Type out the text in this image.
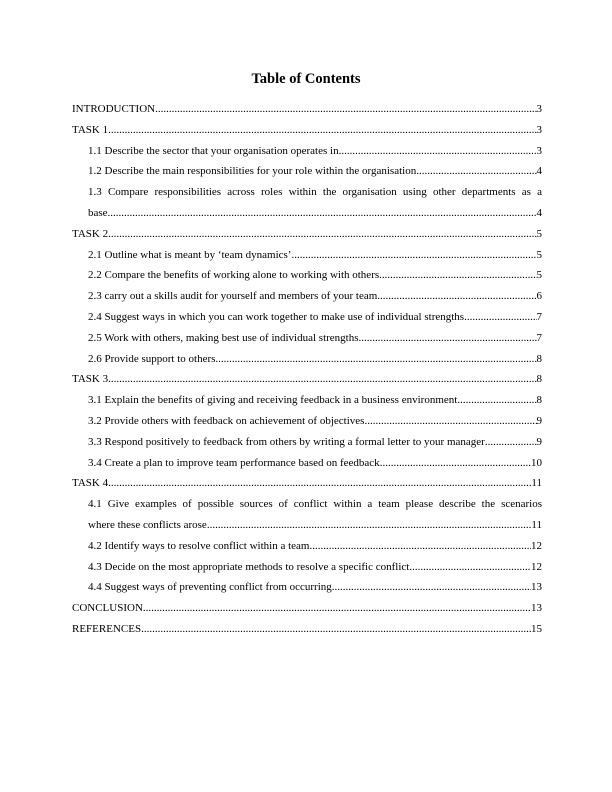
Table of Contents
INTRODUCTION .....	3
TASK 1 .....	3
1.1 Describe the sector that your organisation operates in .....	3
1.2 Describe the main responsibilities for your role within the organisation .....	4
1.3 Compare responsibilities across roles within the organisation using other departments as a
base .....	4
TASK 2 .....	5
2.1 Outline what is meant by ‘team dynamics’ .....	5
2.2 Compare the benefits of working alone to working with others .....	5
2.3 carry out a skills audit for yourself and members of your team .....	6
2.4 Suggest ways in which you can work together to make use of individual strengths .....	7
2.5 Work with others, making best use of individual strengths .....	7
2.6 Provide support to others .....	8
TASK 3 .....	8
3.1 Explain the benefits of giving and receiving feedback in a business environment .....	8
3.2 Provide others with feedback on achievement of objectives .....	9
3.3 Respond positively to feedback from others by writing a formal letter to your manager .....	9
3.4 Create a plan to improve team performance based on feedback .....	10
TASK 4 .....	11
4.1 Give examples of possible sources of conflict within a team please describe the scenarios
where these conflicts arose .....	11
4.2 Identify ways to resolve conflict within a team .....	12
4.3 Decide on the most appropriate methods to resolve a specific conflict .....	12
4.4 Suggest ways of preventing conflict from occurring .....	13
CONCLUSION .....	13
REFERENCES .....	15
